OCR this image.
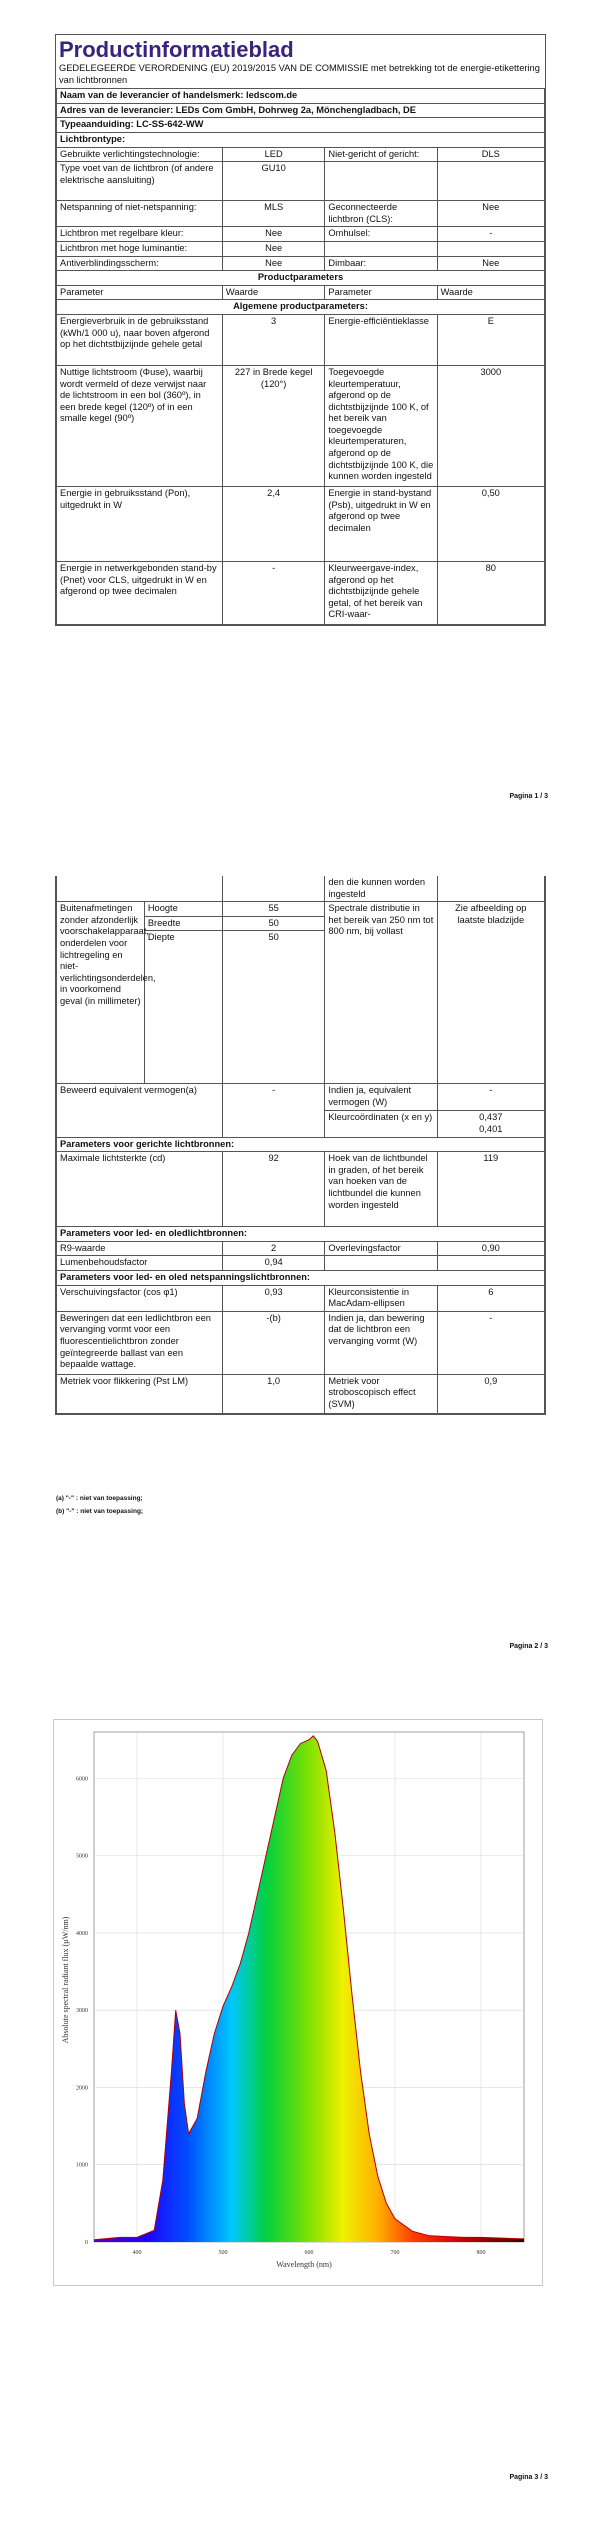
Productinformatieblad
GEDELEGEERDE VERORDENING (EU) 2019/2015 VAN DE COMMISSIE met betrekking tot de energie-etikettering van lichtbronnen
Naam van de leverancier of handelsmerk: ledscom.de			
Adres van de leverancier: LEDs Com GmbH, Dohrweg 2a, Mönchengladbach, DE			
Typeaanduiding: LC-SS-642-WW			
Lichtbrontype:			
Gebruikte verlichtingstechnologie:	LED	Niet-gericht of gericht:	DLS
Type voet van de lichtbron (of andere elektrische aansluiting)	GU10		
Netspanning of niet-netspanning:	MLS	Geconnecteerde lichtbron (CLS):	Nee
Lichtbron met regelbare kleur:	Nee	Omhulsel:	-
Lichtbron met hoge luminantie:	Nee		
Antiverblindingsscherm:	Nee	Dimbaar:	Nee
Productparameters			
Parameter	Waarde	Parameter	Waarde
Algemene productparameters:			
Energieverbruik in de gebruiksstand (kWh/1 000 u), naar boven afgerond op het dichtstbijzijnde gehele getal	3	Energie-efficiëntieklasse	E
Nuttige lichtstroom (Φuse), waarbij wordt vermeld of deze verwijst naar de lichtstroom in een bol (360º), in een brede kegel (120º) of in een smalle kegel (90º)	227 in Brede kegel (120°)	Toegevoegde kleurtemperatuur, afgerond op de dichtstbijzijnde 100 K, of het bereik van toegevoegde kleurtemperaturen, afgerond op de dichtstbijzijnde 100 K, die kunnen worden ingesteld	3000
Energie in gebruiksstand (Pon), uitgedrukt in W	2,4	Energie in stand-bystand (Psb), uitgedrukt in W en afgerond op twee decimalen	0,50
Energie in netwerkgebonden stand-by (Pnet) voor CLS, uitgedrukt in W en afgerond op twee decimalen	-	Kleurweergave-index, afgerond op het dichtstbijzijnde gehele getal, of het bereik van CRI-waar-	80
Pagina 1 / 3
			den die kunnen worden ingesteld	
Buitenafmetingen zonder afzonderlijk voorschakelapparaat, onderdelen voor lichtregeling en niet-verlichtingsonderdelen, in voorkomend geval (in millimeter)	Hoogte	55	Spectrale distributie in het bereik van 250 nm tot 800 nm, bij vollast	Zie afbeelding op laatste bladzijde
	Breedte	50		
	Diepte	50		
Beweerd equivalent vermogen(a)		-	Indien ja, equivalent vermogen (W)	-
			Kleurcoördinaten (x en y)	0,437
0,401
Parameters voor gerichte lichtbronnen:				
Maximale lichtsterkte (cd)		92	Hoek van de lichtbundel in graden, of het bereik van hoeken van de lichtbundel die kunnen worden ingesteld	119
Parameters voor led- en oledlichtbronnen:				
R9-waarde		2	Overlevingsfactor	0,90
Lumenbehoudsfactor		0,94		
Parameters voor led- en oled netspanningslichtbronnen:				
Verschuivingsfactor (cos φ1)		0,93	Kleurconsistentie in MacAdam-ellipsen	6
Beweringen dat een ledlichtbron een vervanging vormt voor een fluorescentielichtbron zonder geïntegreerde ballast van een bepaalde wattage.		-(b)	Indien ja, dan bewering dat de lichtbron een vervanging vormt (W)	-
Metriek voor flikkering (Pst LM)		1,0	Metriek voor stroboscopisch effect (SVM)	0,9
(a) "-" : niet van toepassing;
(b) "-" : niet van toepassing;
Pagina 2 / 3
400	500	600	700	800
0
1000
2000
3000
4000
5000
6000
Absolute spectral radiant flux (µW/nm)
Wavelength (nm)
Pagina 3 / 3
